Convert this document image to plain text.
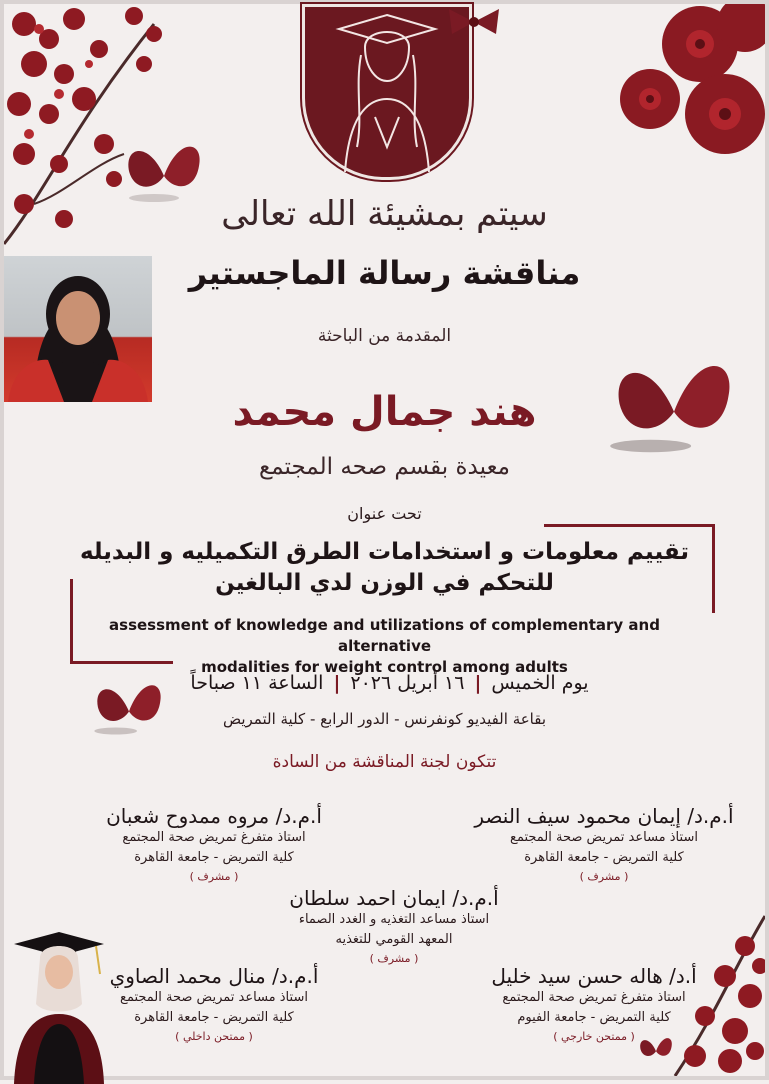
سيتم بمشيئة الله تعالى
مناقشة رسالة الماجستير
المقدمة من الباحثة
هند جمال محمد
معيدة بقسم صحه المجتمع
تحت عنوان
تقييم معلومات و استخدامات الطرق التكميليه و البديله
للتحكم في الوزن لدي البالغين
assessment of knowledge and utilizations of complementary and alternative
modalities for weight control among adults
يوم الخميس
|
١٦ أبريل ٢٠٢٦
|
الساعة ١١ صباحاً
بقاعة الفيديو كونفرنس - الدور الرابع - كلية التمريض
تتكون لجنة المناقشة من السادة
أ.م.د/ إيمان محمود سيف النصر
استاذ مساعد تمريض صحة المجتمع
كلية التمريض - جامعة القاهرة
( مشرف )
أ.م.د/ مروه ممدوح شعبان
استاذ متفرغ تمريض صحة المجتمع
كلية التمريض - جامعة القاهرة
( مشرف )
أ.م.د/ ايمان احمد سلطان
استاذ مساعد التغذيه و الغدد الصماء
المعهد القومي للتغذيه
( مشرف )
أ.د/ هاله حسن سيد خليل
استاذ متفرغ تمريض صحة المجتمع
كلية التمريض - جامعة الفيوم
( ممتحن خارجي )
أ.م.د/ منال محمد الصاوي
استاذ مساعد تمريض صحة المجتمع
كلية التمريض - جامعة القاهرة
( ممتحن داخلي )
